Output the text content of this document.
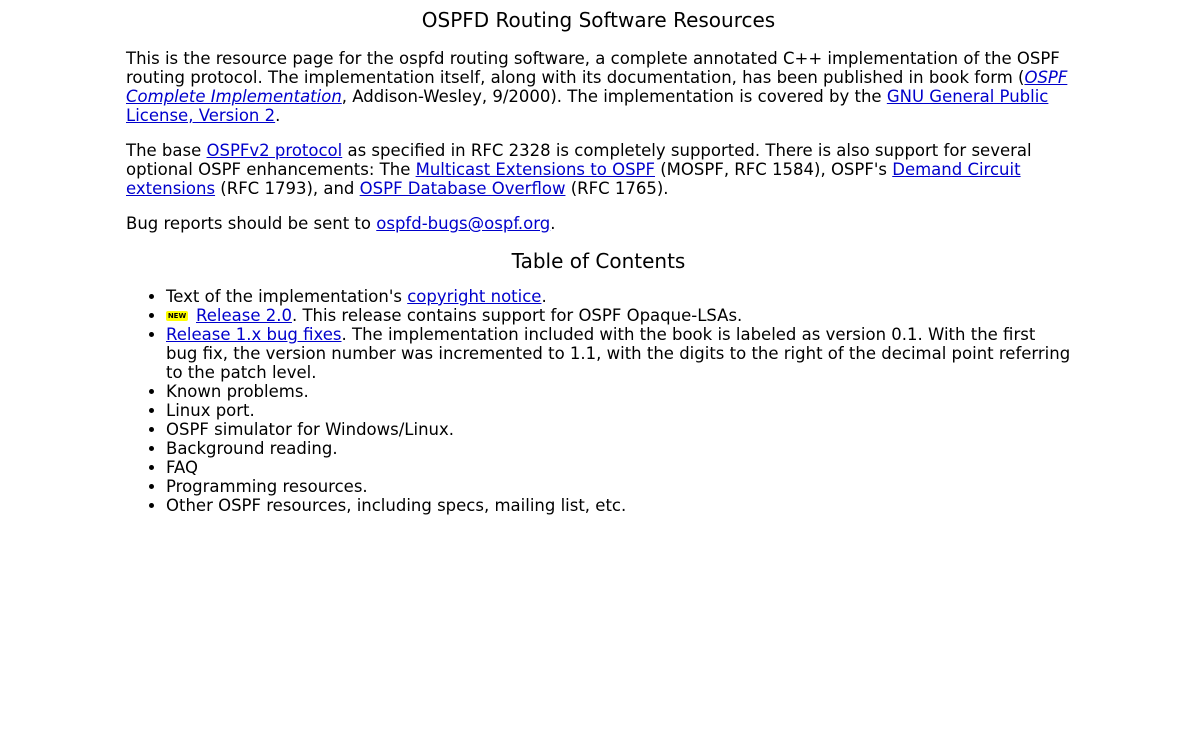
OSPFD Routing Software Resources

This is the resource page for the ospfd routing software, a complete annotated C++ implementation of the OSPF routing protocol. The implementation itself, along with its documentation, has been published in book form (OSPF Complete Implementation, Addison-Wesley, 9/2000). The implementation is covered by the GNU General Public License, Version 2.

The base OSPFv2 protocol as specified in RFC 2328 is completely supported. There is also support for several optional OSPF enhancements: The Multicast Extensions to OSPF (MOSPF, RFC 1584), OSPF's Demand Circuit extensions (RFC 1793), and OSPF Database Overflow (RFC 1765).

Bug reports should be sent to ospfd-bugs@ospf.org.

Table of Contents
• Text of the implementation's copyright notice.
• NEW Release 2.0. This release contains support for OSPF Opaque-LSAs.
• Release 1.x bug fixes. The implementation included with the book is labeled as version 0.1. With the first bug fix, the version number was incremented to 1.1, with the digits to the right of the decimal point referring to the patch level.
• Known problems.
• Linux port.
• OSPF simulator for Windows/Linux.
• Background reading.
• FAQ
• Programming resources.
• Other OSPF resources, including specs, mailing list, etc.
